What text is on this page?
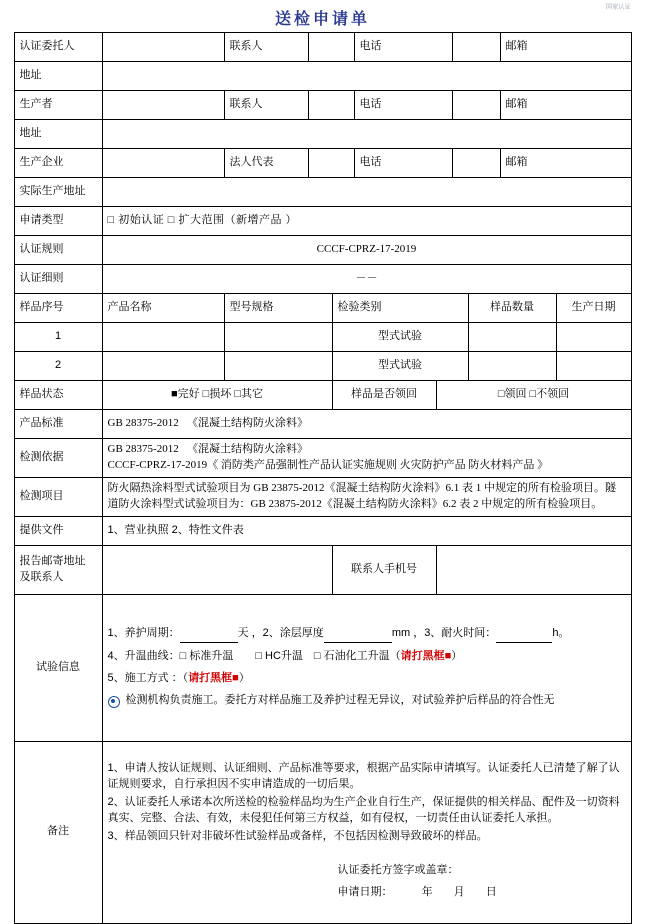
送检申请单
国家认证
认证委托人		联系人		电话		邮箱
地址						
生产者		联系人		电话		邮箱
地址						
生产企业		法人代表		电话		邮箱
实际生产地址						
申请类型	□ 初始认证 □ 扩大范围（新增产品 ）					
认证规则	CCCF-CPRZ-17-2019					
认证细则	－－					
样品序号	产品名称	型号规格	检验类别	样品数量	生产日期
1			型式试验		
2			型式试验		
样品状态	■完好 □损坏 □其它	样品是否领回	□领回 □不领回
产品标准	GB 28375-2012 　《混凝土结构防火涂料》		
检测依据	GB 28375-2012 　《混凝土结构防火涂料》
CCCF-CPRZ-17-2019《 消防类产品强制性产品认证实施规则 火灾防护产品 防火材料产品 》		

检测项目	防火隔热涂料型式试验项目为 GB 23875-2012《混凝土结构防火涂料》6.1 表 1 中规定的所有检验项目。隧道防火涂料型式试验项目为：GB 23875-2012《混凝土结构防火涂料》6.2 表 2 中规定的所有检验项目。		
提供文件	1、营业执照 2、特性文件表		

报告邮寄地址
及联系人		联系人手机号	
试验信息	1、养护周期： 天 ，2、涂层厚度 mm ，3、耐火时间： h。
4、升温曲线：□ 标准升温　　□ HC升温　□ 石油化工升温（请打黑框■）
5、施工方式 ：（请打黑框■）
检测机构负责施工。委托方对样品施工及养护过程无异议，对试验养护后样品的符合性无		

备注	1、申请人按认证规则、认证细则、产品标准等要求，根据产品实际申请填写。认证委托人已清楚了解了认证规则要求，自行承担因不实申请造成的一切后果。

2、认证委托人承诺本次所送检的检验样品均为生产企业自行生产，保证提供的相关样品、配件及一切资料真实、完整、合法、有效，未侵犯任何第三方权益，如有侵权，一切责任由认证委托人承担。

3、样品领回只针对非破坏性试验样品或备样，不包括因检测导致破坏的样品。

认证委托方签字或盖章：
申请日期： 年 月 日		
